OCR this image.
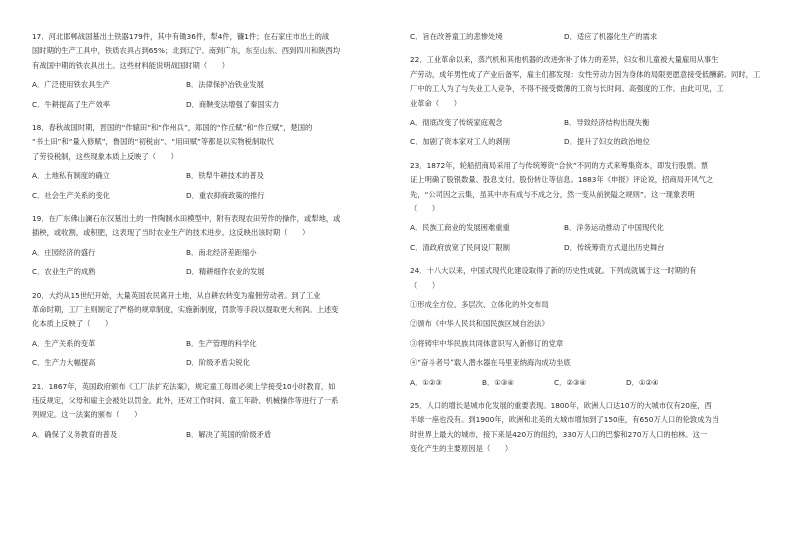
17．河北邯郸战国墓出土铁器179件，其中有锄36件，犁4件，镰1件；在石家庄市出土的战
国时期的生产工具中，铁质农具占到65%；北到辽宁、南到广东，东至山东、西到四川和陕西均
有战国中期的铁农具出土。这些材料能说明战国时期（　　）
A．广泛使用铁农具生产	B．法律保护冶铁业发展
C．牛耕提高了生产效率	D．商鞅变法增强了秦国实力
18．春秋战国时期，晋国的“作辕田”和“作州兵”，郑国的“作丘赋”和“作丘赋”，楚国的
“书土田”和“量入修赋”，鲁国的“初税亩”、“用田赋”等都是以实物税制取代
了劳役税制，这些现象本质上反映了（　　）
A．土地私有制度的确立	B．铁犁牛耕技术的普及
C．社会生产关系的变化	D．重农抑商政策的推行
19．在广东佛山澜石东汉墓出土的一件陶制水田模型中，附有表现农田劳作的操作，或犁地，或
插秧，或收割，或积肥，这表现了当时农业生产的技术进步。这反映出该时期（　　）
A．庄园经济的盛行	B．南北经济差距缩小
C．农业生产的成熟	D．精耕细作农业的发展
20．大约从15世纪开始，大量英国农民离开土地，从自耕农转变为雇佣劳动者。到了工业
革命时期，工厂主则制定了严格的规章制度，实施新制度，罚款等手段以提取更大利润。上述变
化本质上反映了（　　）
A．生产关系的变革	B．生产管理的科学化
C．生产力大幅提高	D．阶级矛盾尖锐化
21．1867年，英国政府颁布《工厂法扩充法案》，规定童工每周必须上学接受10小时教育，如
违反规定，父母和雇主会被处以罚金。此外，还对工作时间、童工年龄、机械操作等进行了一系
列规定。这一法案的颁布（　　）
A．确保了义务教育的普及	B．解决了英国的阶级矛盾
C．旨在改善童工的悲惨处境	D．适应了机器化生产的需求
22．工业革命以来，蒸汽机和其他机器的改进弥补了体力的差异，妇女和儿童被大量雇用从事生
产劳动，成年男性成了产业后备军，雇主们都发现：女性劳动力因为身体的局限更愿意接受低酬薪。同时，工
厂中的工人为了与失业工人竞争，不得不接受微薄的工资与长时间、高强度的工作。由此可见，工
业革命（　　）
A．彻底改变了传统家庭观念	B．导致经济结构出现失衡
C．加剧了资本家对工人的剥削	D．提升了妇女的政治地位
23．1872年，轮船招商局采用了与传统筹资“合伙”不同的方式来筹集资本，即发行股票。票
证上明确了股银数量、股息支付、股份转让等信息。1883年《申报》评论说，招商局开风气之
先，“公司因之云集，虽其中亦有成与不成之分，然一变从前狭隘之规则”。这一现象表明
（　　）
A．民族工商业的发展困难重重	B．洋务运动推动了中国现代化
C．清政府放宽了民间设厂限制	D．传统筹资方式退出历史舞台
24．十八大以来，中国式现代化建设取得了新的历史性成就。下列成就属于这一时期的有
（　　）
①形成全方位、多层次、立体化的外交布局
②颁布《中华人民共和国民族区域自治法》
③将铸牢中华民族共同体意识写入新修订的党章
④“奋斗者号”载人潜水器在马里亚纳海沟成功坐底
A．①②③	B．①③④	C．②③④	D．①②④
25．人口的增长是城市化发展的重要表现。1800年，欧洲人口达10万的大城市仅有20座，西
半球一座也没有。到1900年，欧洲和北美的大城市增加到了150座，有650万人口的伦敦成为当
时世界上最大的城市，接下来是420万的纽约，330万人口的巴黎和270万人口的柏林。这一
变化产生的主要原因是（　　）
